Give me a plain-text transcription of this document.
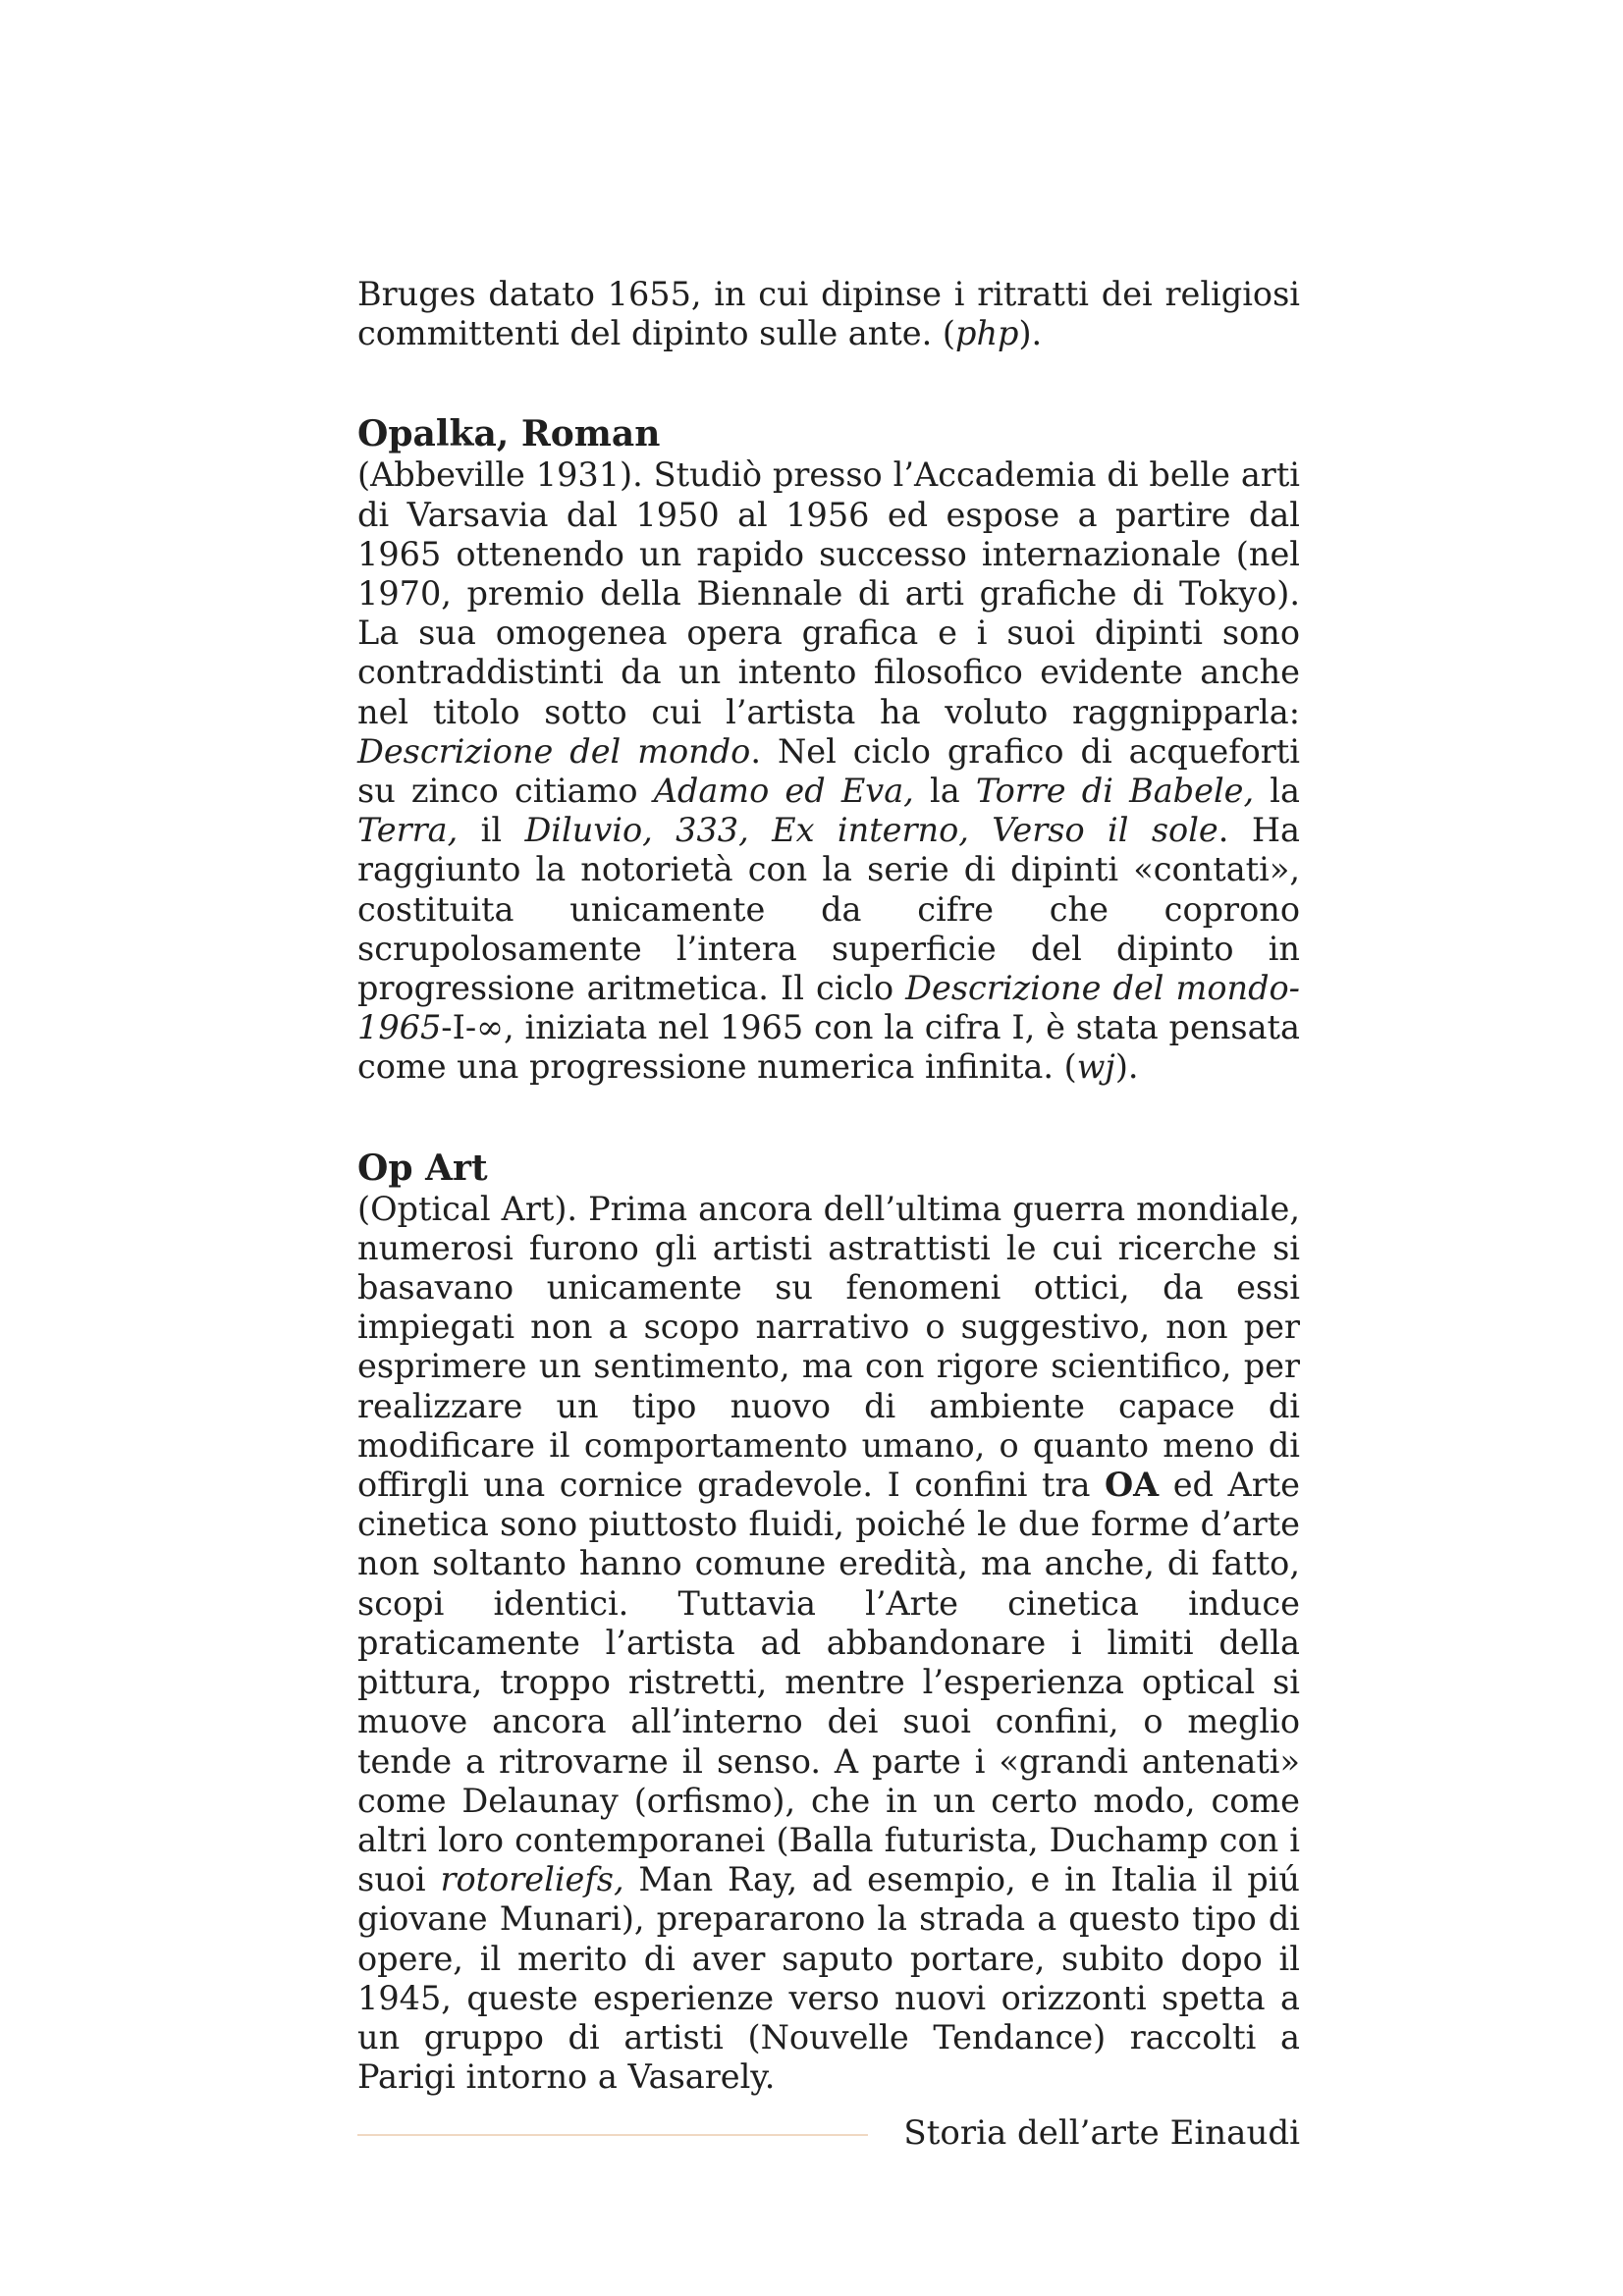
Bruges datato 1655, in cui dipinse i ritratti dei religiosi committenti del dipinto sulle ante. (php).

Opalka, Roman

(Abbeville 1931). Studiò presso l’Accademia di belle arti di Varsavia dal 1950 al 1956 ed espose a partire dal 1965 ottenendo un rapido successo internazionale (nel 1970, premio della Biennale di arti grafiche di Tokyo). La sua omogenea opera grafica e i suoi dipinti sono contraddistinti da un intento filosofico evidente anche nel titolo sotto cui l’artista ha voluto raggnipparla: Descrizione del mondo. Nel ciclo grafico di acqueforti su zinco citiamo Adamo ed Eva, la Torre di Babele, la Terra, il Diluvio, 333, Ex interno, Verso il sole. Ha raggiunto la notorietà con la serie di dipinti «contati», costituita unicamente da cifre che coprono scrupolosamente l’intera superficie del dipinto in progressione aritmetica. Il ciclo Descrizione del mondo-1965-I-∞, iniziata nel 1965 con la cifra I, è stata pensata come una progressione numerica infinita. (wj).

Op Art

(Optical Art). Prima ancora dell’ultima guerra mondiale, numerosi furono gli artisti astrattisti le cui ricerche si basavano unicamente su fenomeni ottici, da essi impiegati non a scopo narrativo o suggestivo, non per esprimere un sentimento, ma con rigore scientifico, per realizzare un tipo nuovo di ambiente capace di modificare il comportamento umano, o quanto meno di offirgli una cornice gradevole. I confini tra OA ed Arte cinetica sono piuttosto fluidi, poiché le due forme d’arte non soltanto hanno comune eredità, ma anche, di fatto, scopi identici. Tuttavia l’Arte cinetica induce praticamente l’artista ad abbandonare i limiti della pittura, troppo ristretti, mentre l’esperienza optical si muove ancora all’interno dei suoi confini, o meglio tende a ritrovarne il senso. A parte i «grandi antenati» come Delaunay (orfismo), che in un certo modo, come altri loro contemporanei (Balla futurista, Duchamp con i suoi rotoreliefs, Man Ray, ad esempio, e in Italia il piú giovane Munari), prepararono la strada a questo tipo di opere, il merito di aver saputo portare, subito dopo il 1945, queste esperienze verso nuovi orizzonti spetta a un gruppo di artisti (Nouvelle Tendance) raccolti a Parigi intorno a Vasarely.

Storia dell’arte Einaudi
